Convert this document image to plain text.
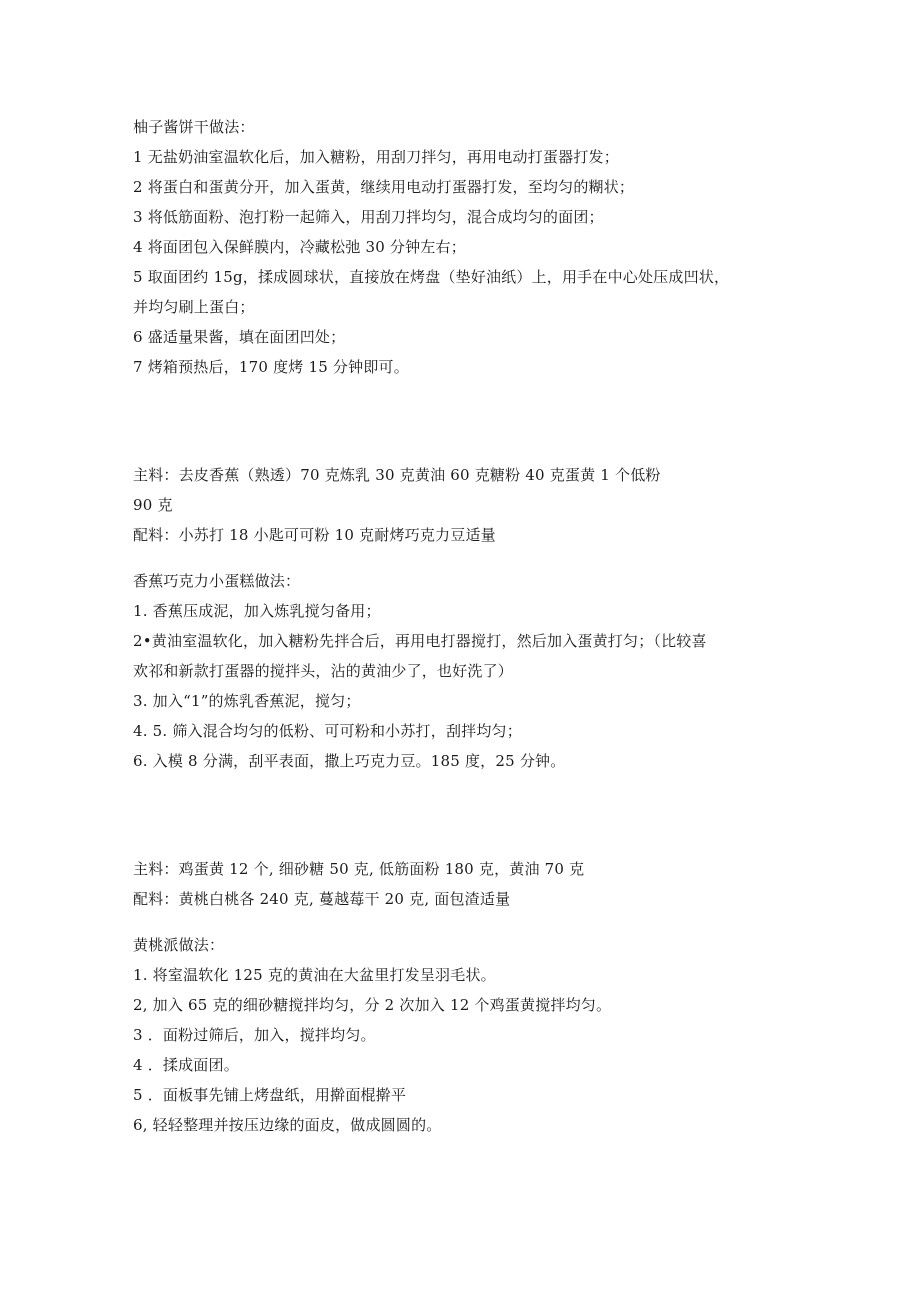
柚子酱饼干做法：
1 无盐奶油室温软化后，加入糖粉，用刮刀拌匀，再用电动打蛋器打发；
2 将蛋白和蛋黄分开，加入蛋黄，继续用电动打蛋器打发，至均匀的糊状；
3 将低筋面粉、泡打粉一起筛入，用刮刀拌均匀，混合成均匀的面团；
4 将面团包入保鲜膜内，冷藏松弛 30 分钟左右；
5 取面团约 15g，揉成圆球状，直接放在烤盘（垫好油纸）上，用手在中心处压成凹状，
并均匀刷上蛋白；
6 盛适量果酱，填在面团凹处；
7 烤箱预热后，170 度烤 15 分钟即可。
主料：去皮香蕉（熟透）70 克炼乳 30 克黄油 60 克糖粉 40 克蛋黄 1 个低粉
90 克
配料：小苏打 18 小匙可可粉 10 克耐烤巧克力豆适量
香蕉巧克力小蛋糕做法：
1. 香蕉压成泥，加入炼乳搅匀备用；
2•黄油室温软化，加入糖粉先拌合后，再用电打器搅打，然后加入蛋黄打匀；（比较喜
欢祁和新款打蛋器的搅拌头，沾的黄油少了，也好洗了）
3. 加入“1”的炼乳香蕉泥，搅匀；
4. 5. 筛入混合均匀的低粉、可可粉和小苏打，刮拌均匀；
6. 入模 8 分满，刮平表面，撒上巧克力豆。185 度，25 分钟。
主料：鸡蛋黄 12 个, 细砂糖 50 克, 低筋面粉 180 克，黄油 70 克
配料：黄桃白桃各 240 克, 蔓越莓干 20 克, 面包渣适量
黄桃派做法：
1. 将室温软化 125 克的黄油在大盆里打发呈羽毛状。
2, 加入 65 克的细砂糖搅拌均匀，分 2 次加入 12 个鸡蛋黄搅拌均匀。
3 ．面粉过筛后，加入，搅拌均匀。
4 ．揉成面团。
5 ．面板事先铺上烤盘纸，用擀面棍擀平
6, 轻轻整理并按压边缘的面皮，做成圆圆的。
